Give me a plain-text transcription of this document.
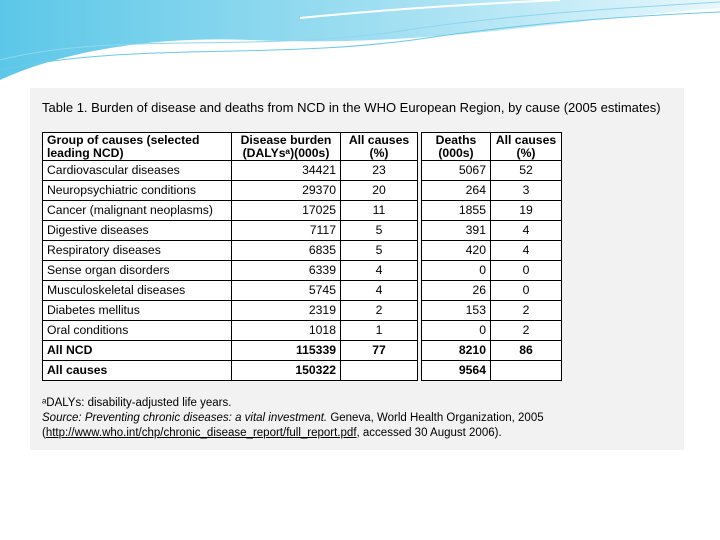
Table 1. Burden of disease and deaths from NCD in the WHO European Region, by cause (2005 estimates)
Group of causes (selected leading NCD)	Disease burden (DALYsᵃ)(000s)	All causes (%)		Deaths (000s)	All causes (%)
Cardiovascular diseases	34421	23		5067	52
Neuropsychiatric conditions	29370	20		264	3
Cancer (malignant neoplasms)	17025	11		1855	19
Digestive diseases	7117	5		391	4
Respiratory diseases	6835	5		420	4
Sense organ disorders	6339	4		0	0
Musculoskeletal diseases	5745	4		26	0
Diabetes mellitus	2319	2		153	2
Oral conditions	1018	1		0	2
All NCD	115339	77		8210	86
All causes	150322			9564	

ᵃDALYs: disability-adjusted life years.

Source: Preventing chronic diseases: a vital investment. Geneva, World Health Organization, 2005

(http://www.who.int/chp/chronic_disease_report/full_report.pdf, accessed 30 August 2006).
